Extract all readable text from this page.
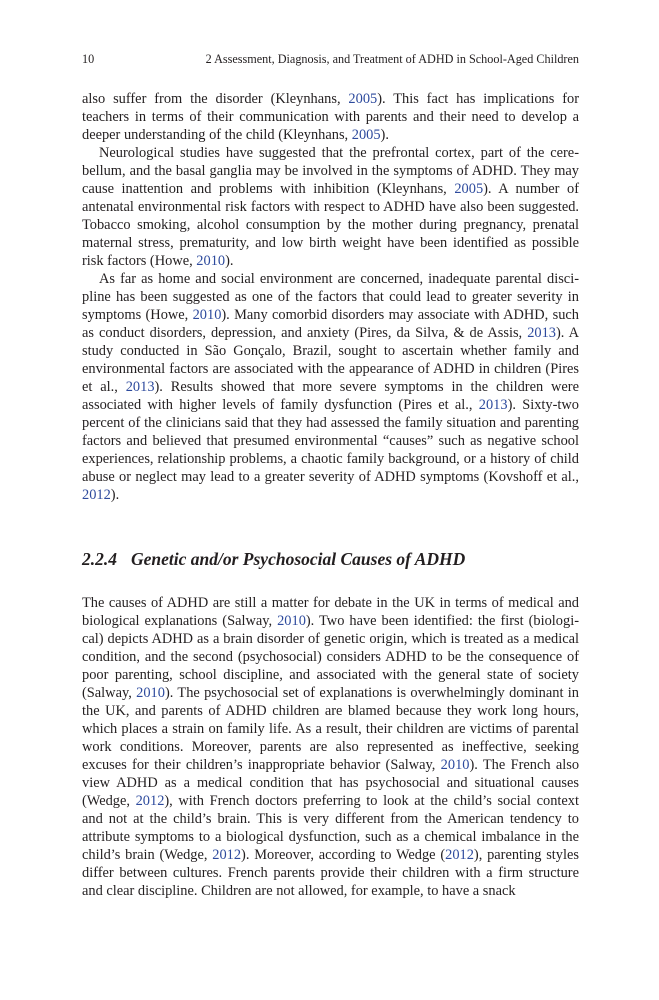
10	2 Assessment, Diagnosis, and Treatment of ADHD in School-Aged Children

also suffer from the disorder (Kleynhans, 2005). This fact has implications for teachers in terms of their communication with parents and their need to develop a deeper understanding of the child (Kleynhans, 2005).

Neurological studies have suggested that the prefrontal cortex, part of the cerebellum, and the basal ganglia may be involved in the symptoms of ADHD. They may cause inattention and problems with inhibition (Kleynhans, 2005). A number of antenatal environmental risk factors with respect to ADHD have also been suggested. Tobacco smoking, alcohol consumption by the mother during pregnancy, prenatal maternal stress, prematurity, and low birth weight have been identified as possible risk factors (Howe, 2010).

As far as home and social environment are concerned, inadequate parental discipline has been suggested as one of the factors that could lead to greater severity in symptoms (Howe, 2010). Many comorbid disorders may associate with ADHD, such as conduct disorders, depression, and anxiety (Pires, da Silva, & de Assis, 2013). A study conducted in São Gonçalo, Brazil, sought to ascertain whether family and environmental factors are associated with the appearance of ADHD in children (Pires et al., 2013). Results showed that more severe symptoms in the children were associated with higher levels of family dysfunction (Pires et al., 2013). Sixty-two percent of the clinicians said that they had assessed the family situation and parenting factors and believed that presumed environmental “causes” such as negative school experiences, relationship problems, a chaotic family background, or a history of child abuse or neglect may lead to a greater severity of ADHD symptoms (Kovshoff et al., 2012).

2.2.4 Genetic and/or Psychosocial Causes of ADHD

The causes of ADHD are still a matter for debate in the UK in terms of medical and biological explanations (Salway, 2010). Two have been identified: the first (biological) depicts ADHD as a brain disorder of genetic origin, which is treated as a medical condition, and the second (psychosocial) considers ADHD to be the consequence of poor parenting, school discipline, and associated with the general state of society (Salway, 2010). The psychosocial set of explanations is overwhelmingly dominant in the UK, and parents of ADHD children are blamed because they work long hours, which places a strain on family life. As a result, their children are victims of parental work conditions. Moreover, parents are also represented as ineffective, seeking excuses for their children’s inappropriate behavior (Salway, 2010). The French also view ADHD as a medical condition that has psychosocial and situational causes (Wedge, 2012), with French doctors preferring to look at the child’s social context and not at the child’s brain. This is very different from the American tendency to attribute symptoms to a biological dysfunction, such as a chemical imbalance in the child’s brain (Wedge, 2012). Moreover, according to Wedge (2012), parenting styles differ between cultures. French parents provide their children with a firm structure and clear discipline. Children are not allowed, for example, to have a snack
